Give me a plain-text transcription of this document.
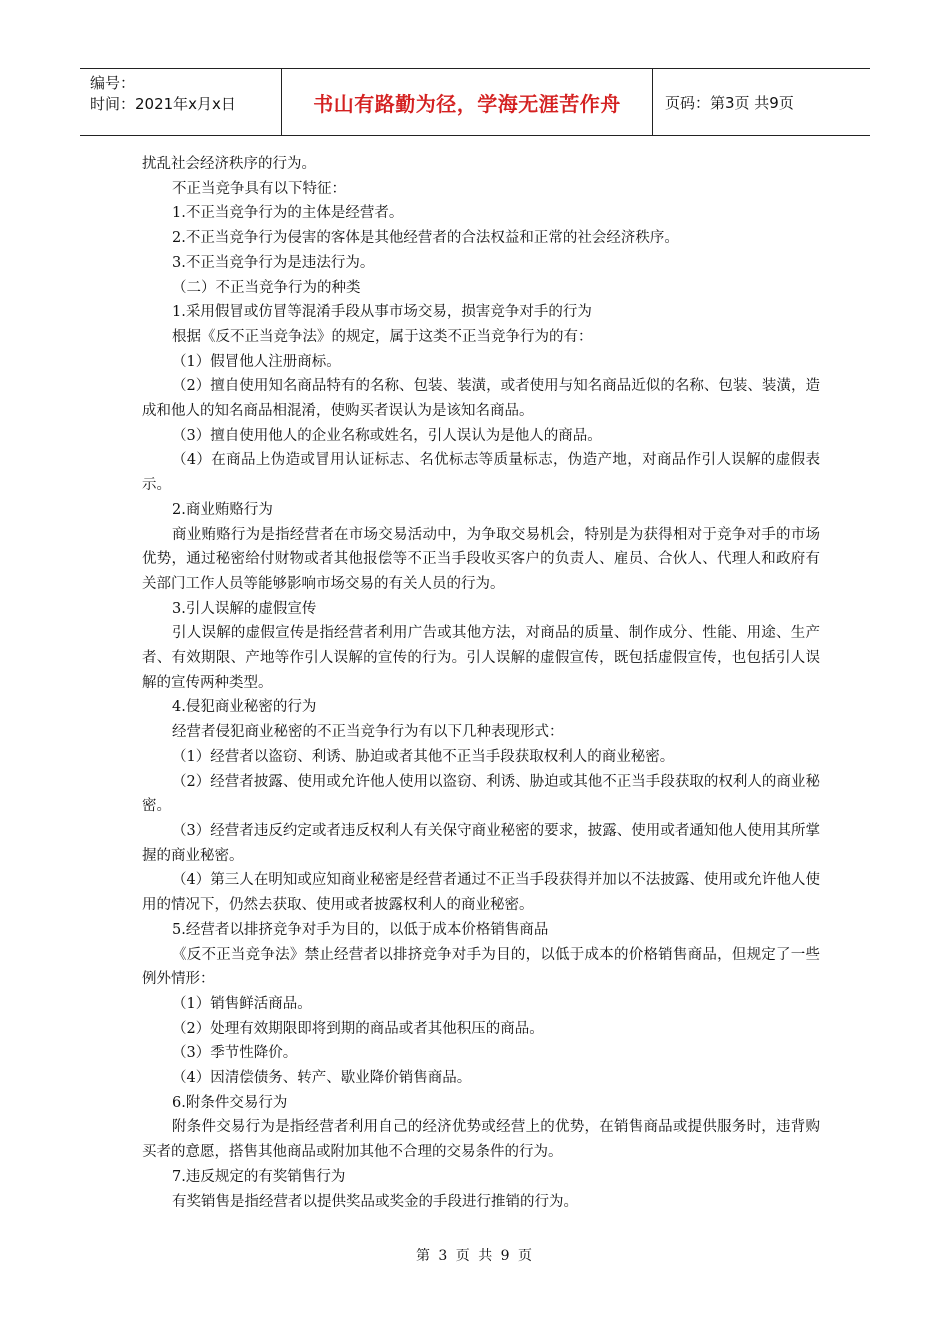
编号：
时间：2021年x月x日	书山有路勤为径，学海无涯苦作舟	页码：第3页 共9页

扰乱社会经济秩序的行为。

不正当竞争具有以下特征：

1.不正当竞争行为的主体是经营者。

2.不正当竞争行为侵害的客体是其他经营者的合法权益和正常的社会经济秩序。

3.不正当竞争行为是违法行为。

（二）不正当竞争行为的种类

1.采用假冒或仿冒等混淆手段从事市场交易，损害竞争对手的行为

根据《反不正当竞争法》的规定，属于这类不正当竞争行为的有：

（1）假冒他人注册商标。

（2）擅自使用知名商品特有的名称、包装、装潢，或者使用与知名商品近似的名称、包装、装潢，造成和他人的知名商品相混淆，使购买者误认为是该知名商品。

（3）擅自使用他人的企业名称或姓名，引人误认为是他人的商品。

（4）在商品上伪造或冒用认证标志、名优标志等质量标志，伪造产地，对商品作引人误解的虚假表示。

2.商业贿赂行为

商业贿赂行为是指经营者在市场交易活动中，为争取交易机会，特别是为获得相对于竞争对手的市场优势，通过秘密给付财物或者其他报偿等不正当手段收买客户的负责人、雇员、合伙人、代理人和政府有关部门工作人员等能够影响市场交易的有关人员的行为。

3.引人误解的虚假宣传

引人误解的虚假宣传是指经营者利用广告或其他方法，对商品的质量、制作成分、性能、用途、生产者、有效期限、产地等作引人误解的宣传的行为。引人误解的虚假宣传，既包括虚假宣传，也包括引人误解的宣传两种类型。

4.侵犯商业秘密的行为

经营者侵犯商业秘密的不正当竞争行为有以下几种表现形式：

（1）经营者以盗窃、利诱、胁迫或者其他不正当手段获取权利人的商业秘密。

（2）经营者披露、使用或允许他人使用以盗窃、利诱、胁迫或其他不正当手段获取的权利人的商业秘密。

（3）经营者违反约定或者违反权利人有关保守商业秘密的要求，披露、使用或者通知他人使用其所掌握的商业秘密。

（4）第三人在明知或应知商业秘密是经营者通过不正当手段获得并加以不法披露、使用或允许他人使用的情况下，仍然去获取、使用或者披露权利人的商业秘密。

5.经营者以排挤竞争对手为目的，以低于成本价格销售商品

《反不正当竞争法》禁止经营者以排挤竞争对手为目的，以低于成本的价格销售商品，但规定了一些例外情形：

（1）销售鲜活商品。

（2）处理有效期限即将到期的商品或者其他积压的商品。

（3）季节性降价。

（4）因清偿债务、转产、歇业降价销售商品。

6.附条件交易行为

附条件交易行为是指经营者利用自己的经济优势或经营上的优势，在销售商品或提供服务时，违背购买者的意愿，搭售其他商品或附加其他不合理的交易条件的行为。

7.违反规定的有奖销售行为

有奖销售是指经营者以提供奖品或奖金的手段进行推销的行为。

第 3 页 共 9 页
